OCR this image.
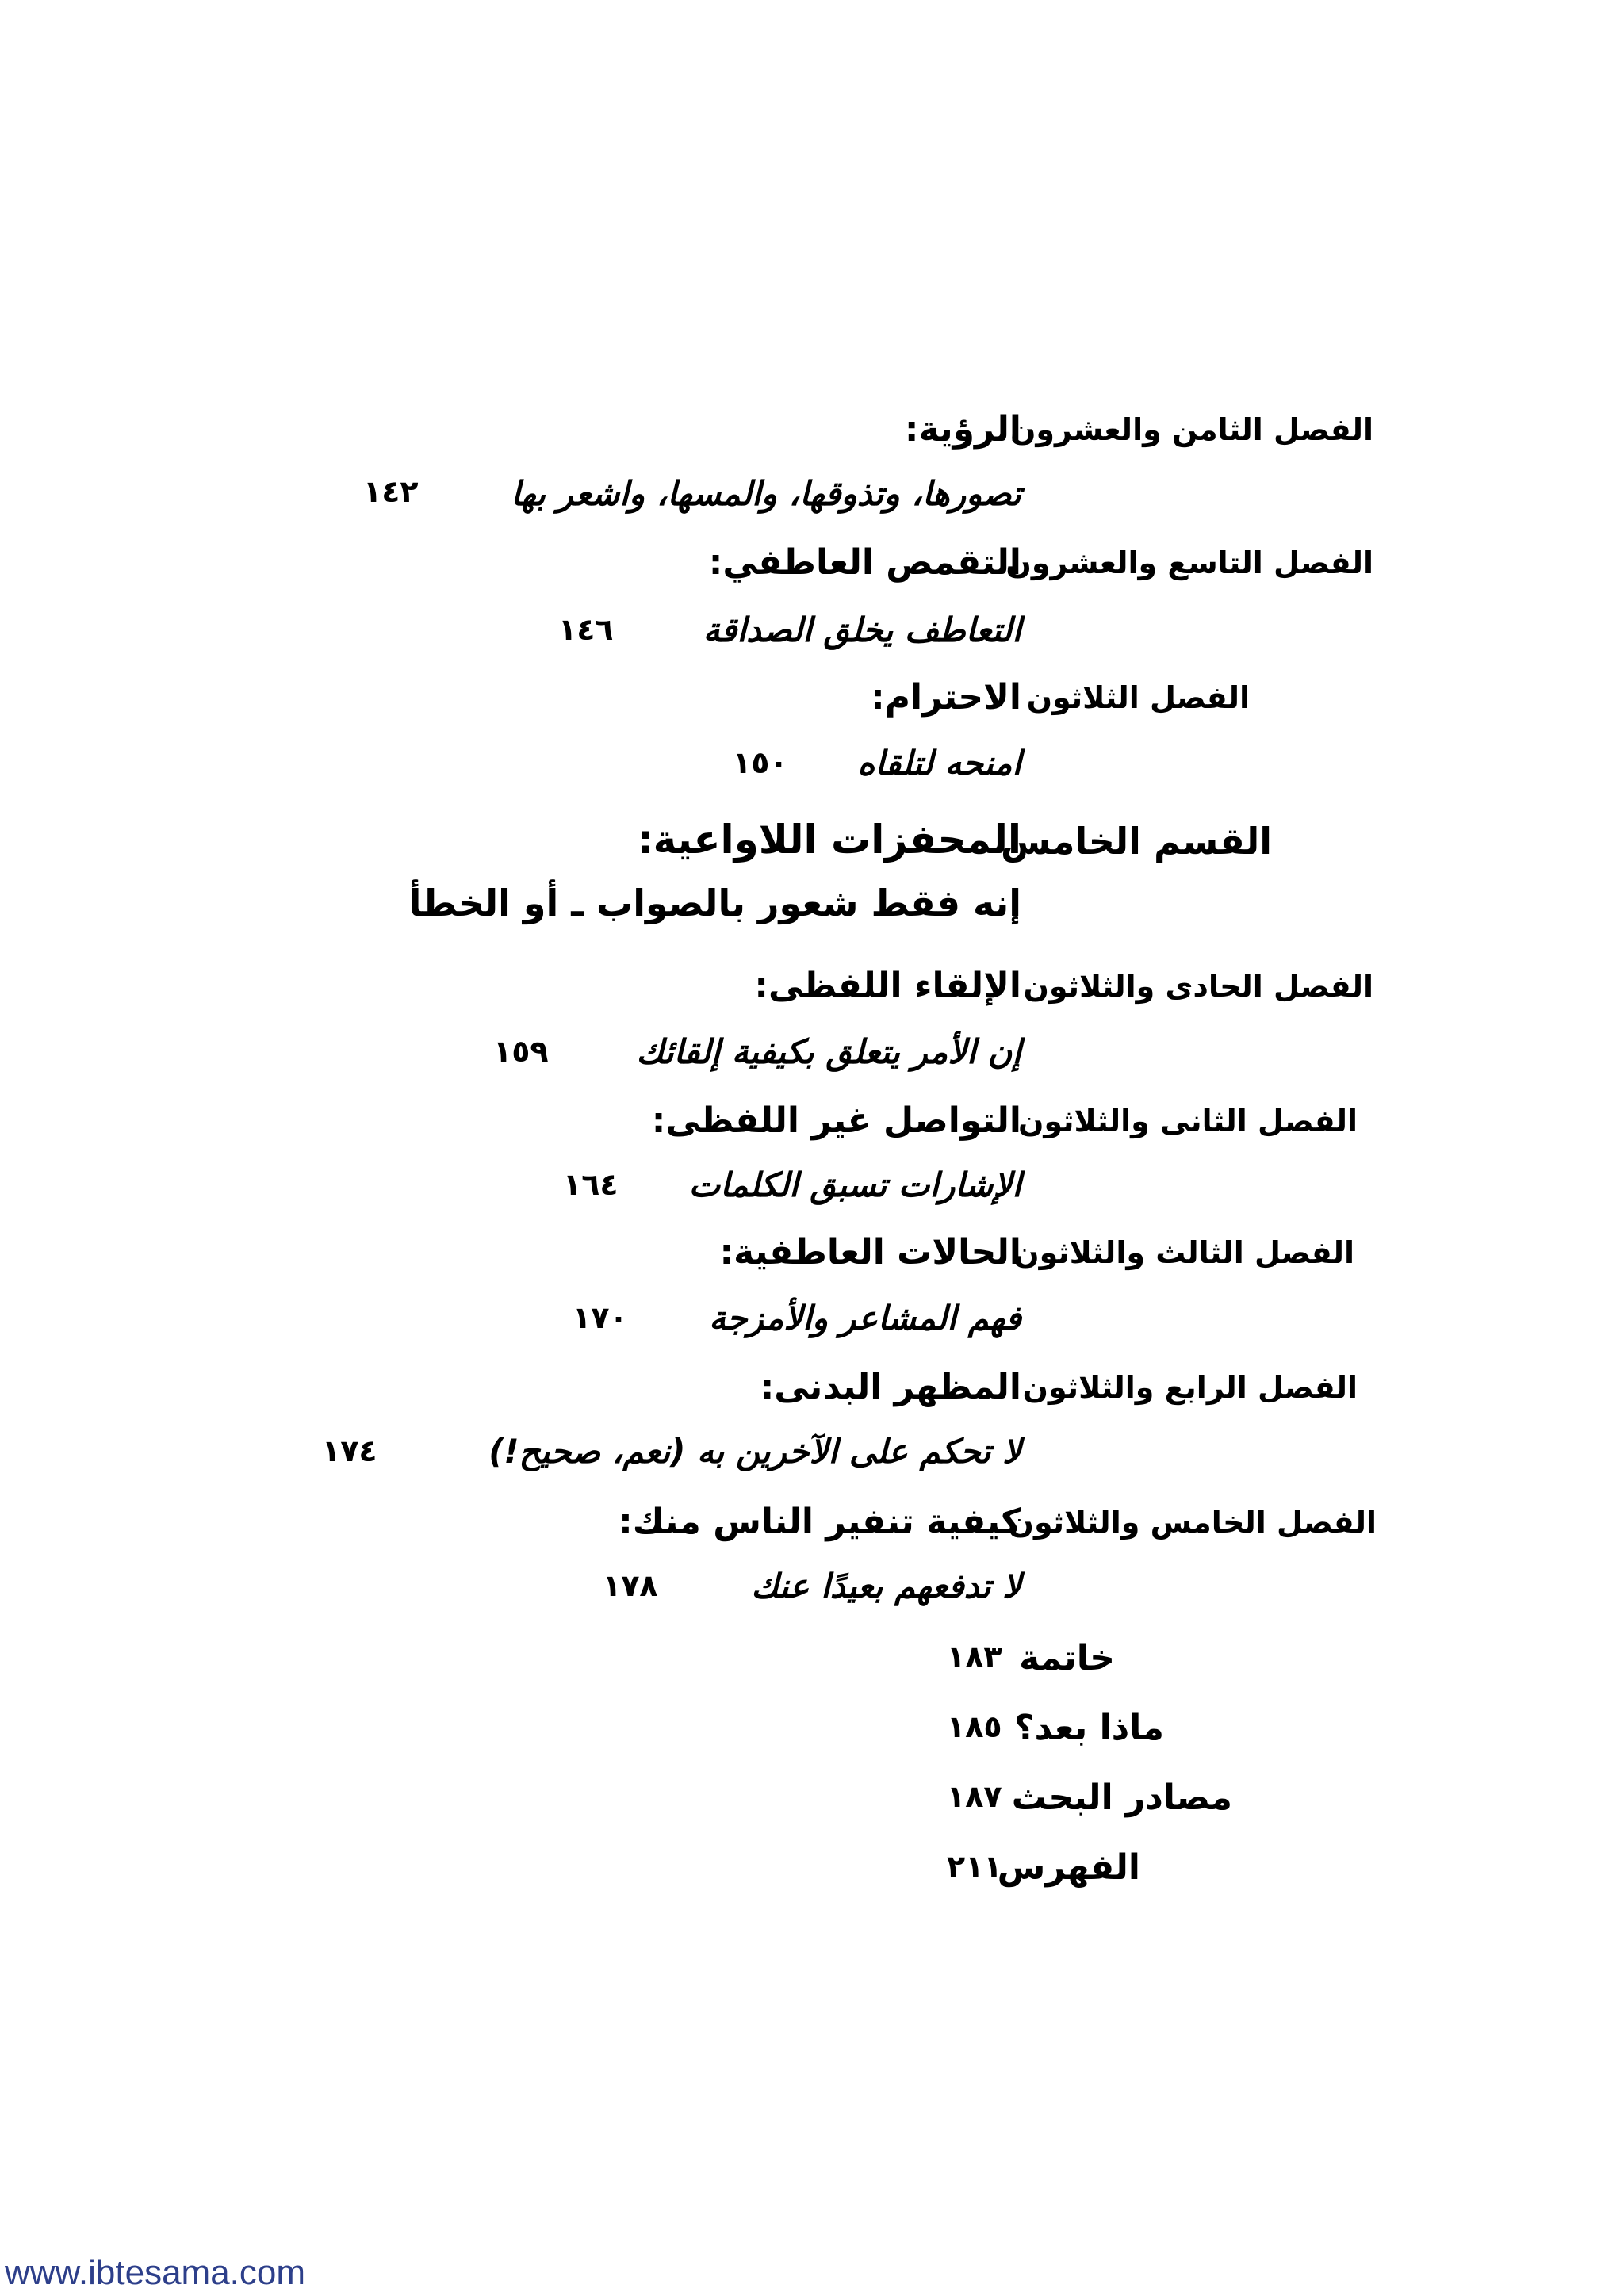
الفصل الثامن والعشرون
الرؤية:
تصورها، وتذوقها، والمسها، واشعر بها
١٤٢
الفصل التاسع والعشرون
التقمص العاطفي:
التعاطف يخلق الصداقة
١٤٦
الفصل الثلاثون
الاحترام:
امنحه لتلقاه
١٥٠
القسم الخامس
المحفزات اللاواعية:
إنه فقط شعور بالصواب ـ أو الخطأ
الفصل الحادى والثلاثون
الإلقاء اللفظى:
إن الأمر يتعلق بكيفية إلقائك
١٥٩
الفصل الثانى والثلاثون
التواصل غير اللفظى:
الإشارات تسبق الكلمات
١٦٤
الفصل الثالث والثلاثون
الحالات العاطفية:
فهم المشاعر والأمزجة
١٧٠
الفصل الرابع والثلاثون
المظهر البدنى:
لا تحكم على الآخرين به (نعم، صحيح!)
١٧٤
الفصل الخامس والثلاثون
كيفية تنفير الناس منك:
لا تدفعهم بعيدًا عنك
١٧٨
خاتمة
١٨٣
ماذا بعد؟
١٨٥
مصادر البحث
١٨٧
الفهرس
٢١١
www.ibtesama.com
